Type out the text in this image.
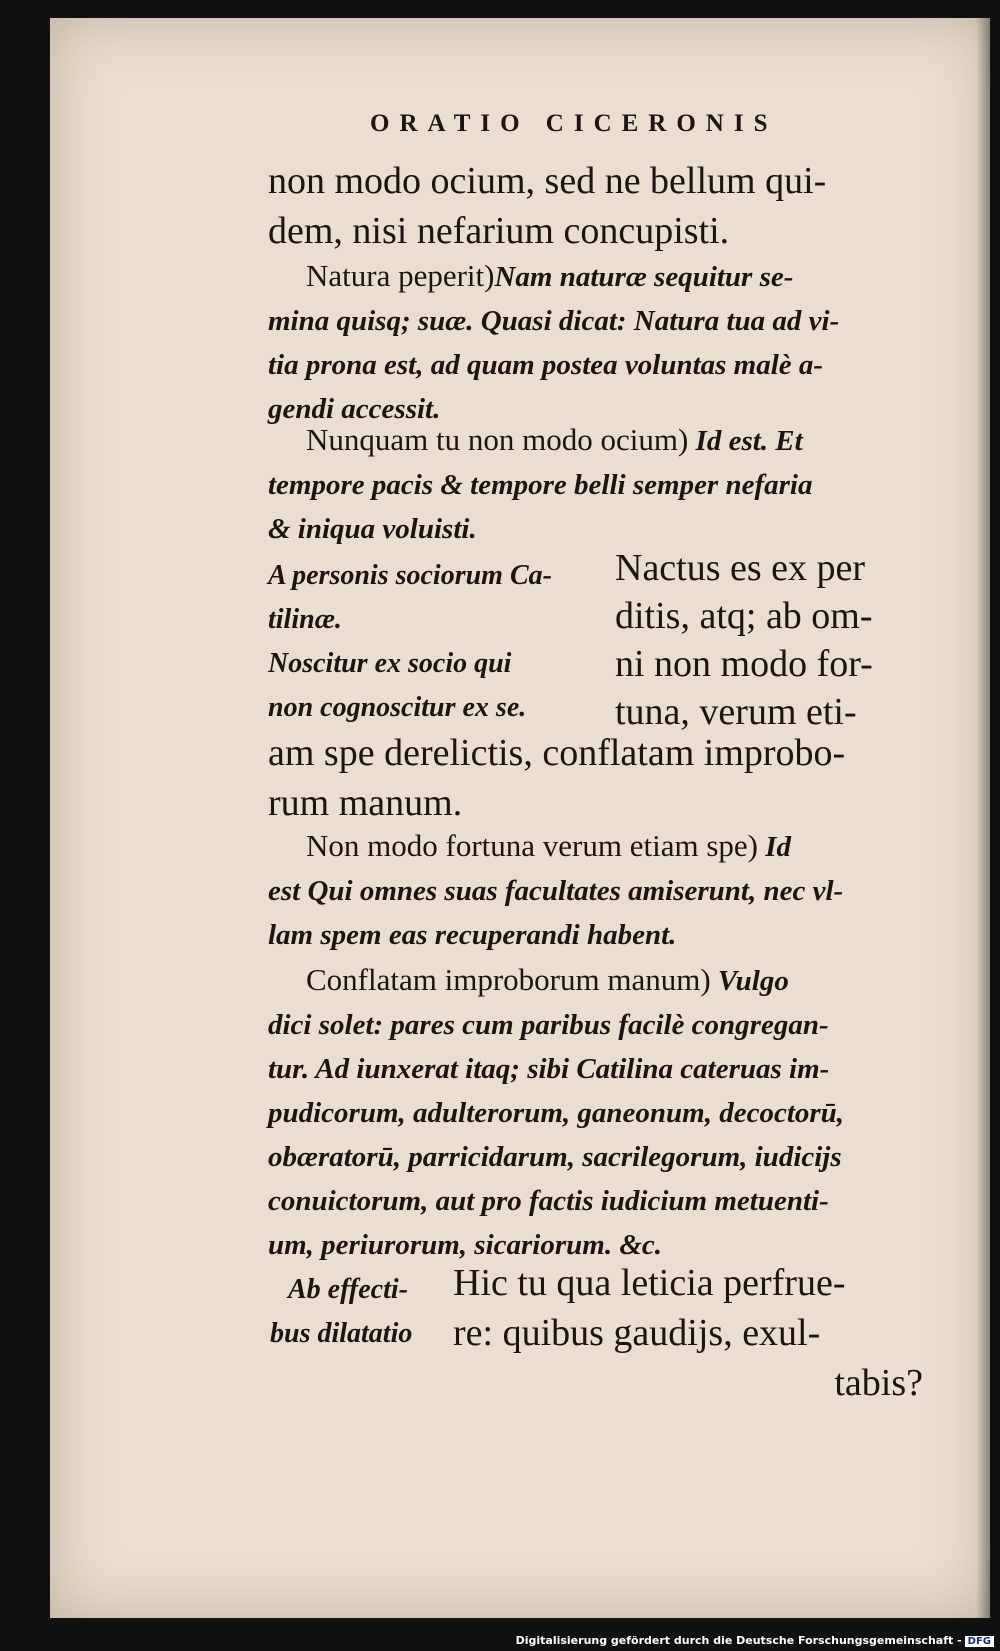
ORATIO CICERONIS
non modo ocium, sed ne bellum qui-
dem, nisi nefarium concupisti.
Natura peperit)Nam naturæ sequitur se-
mina quisq; suæ. Quasi dicat: Natura tua ad vi-
tia prona est, ad quam postea voluntas malè a-
gendi accessit.
Nunquam tu non modo ocium) Id est. Et
tempore pacis & tempore belli semper nefaria
& iniqua voluisti.
A personis sociorum Ca-
tilinæ.
Noscitur ex socio qui
non cognoscitur ex se.
Nactus es ex per
ditis, atq; ab om-
ni non modo for-
tuna, verum eti-
am spe derelictis, conflatam improbo-
rum manum.
Non modo fortuna verum etiam spe) Id
est Qui omnes suas facultates amiserunt, nec vl-
lam spem eas recuperandi habent.
Conflatam improborum manum) Vulgo
dici solet: pares cum paribus facilè congregan-
tur. Ad iunxerat itaq; sibi Catilina cateruas im-
pudicorum, adulterorum, ganeonum, decoctorū,
obæratorū, parricidarum, sacrilegorum, iudicijs
conuictorum, aut pro factis iudicium metuenti-
um, periurorum, sicariorum. &c.
Ab effecti-
bus dilatatio
Hic tu qua leticia perfrue-
re: quibus gaudijs, exul-
tabis?
Digitalisierung gefördert durch die Deutsche Forschungsgemeinschaft - DFG
